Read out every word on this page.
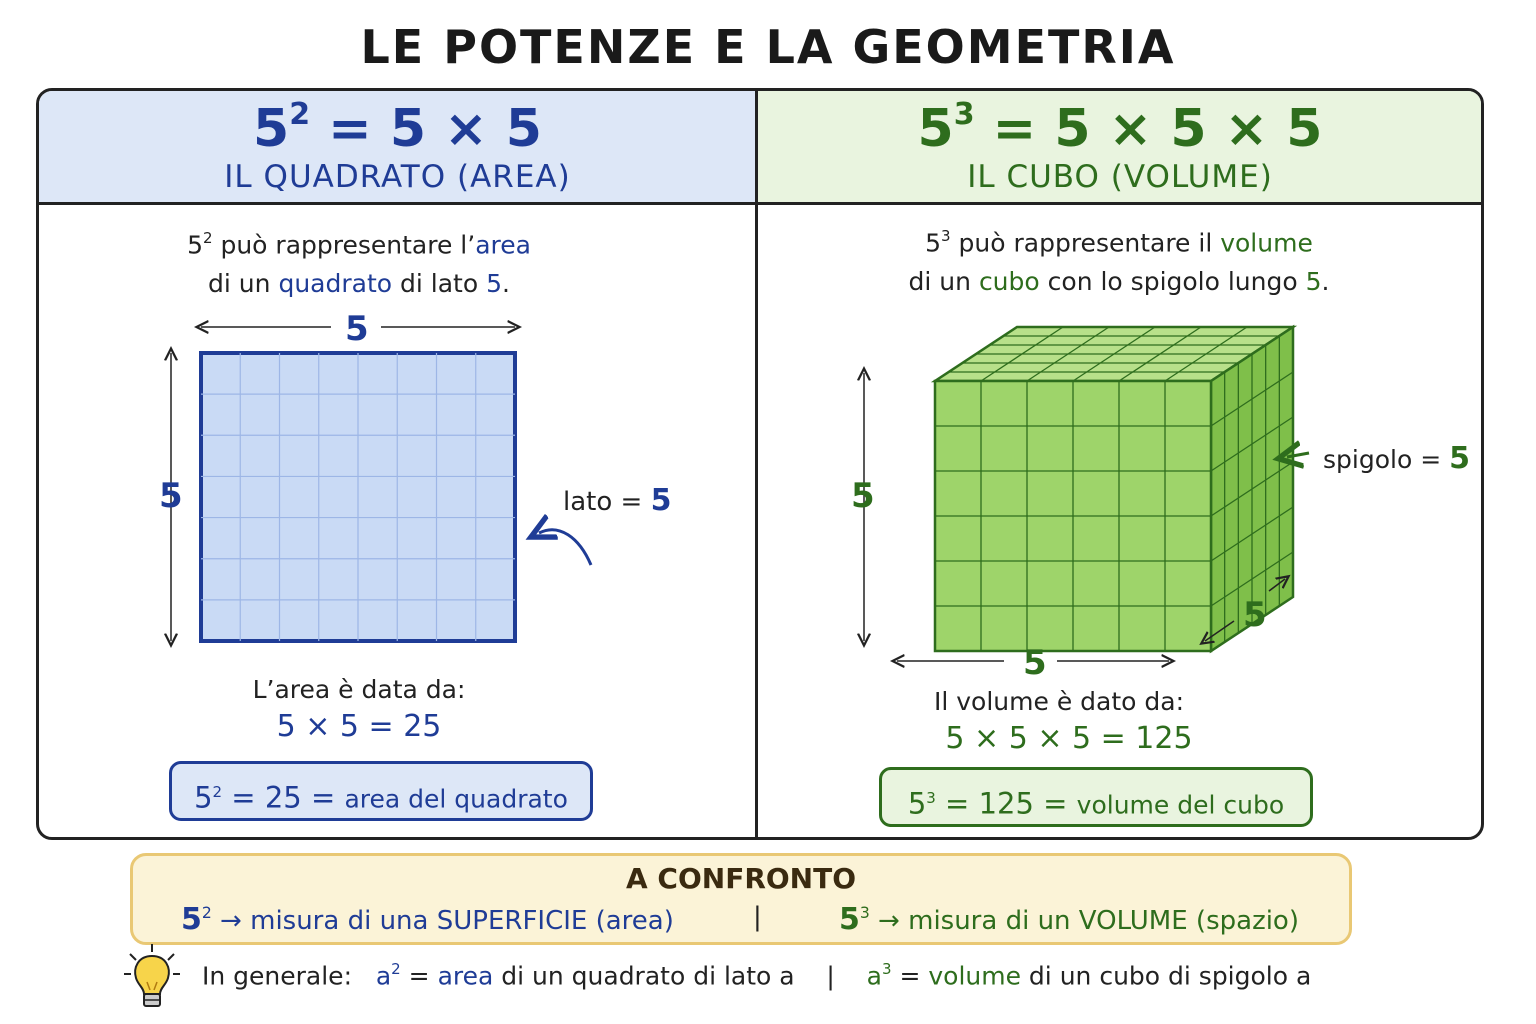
LE POTENZE E LA GEOMETRIA
$5^2 = 5 \times 5$
IL QUADRATO (AREA)
$5^3 = 5 \times 5 \times 5$
IL CUBO (VOLUME)
$5^2$ può rappresentare l’area
di un quadrato di lato 5.
5
5	lato = 5
L’area è data da:
5 × 5 = 25
$5^2 = 25$ = area del quadrato
$5^3$ può rappresentare il volume
di un cubo con lo spigolo lungo 5.
5
5
5
spigolo = 5
Il volume è dato da:
5 × 5 × 5 = 125
$5^3 = 125$ = volume del cubo
A CONFRONTO
$5^2$ → misura di una SUPERFICIE (area)	|	$5^3$ → misura di un VOLUME (spazio)
In generale: $a^2$ = area di un quadrato di lato a | $a^3$ = volume di un cubo di spigolo a
